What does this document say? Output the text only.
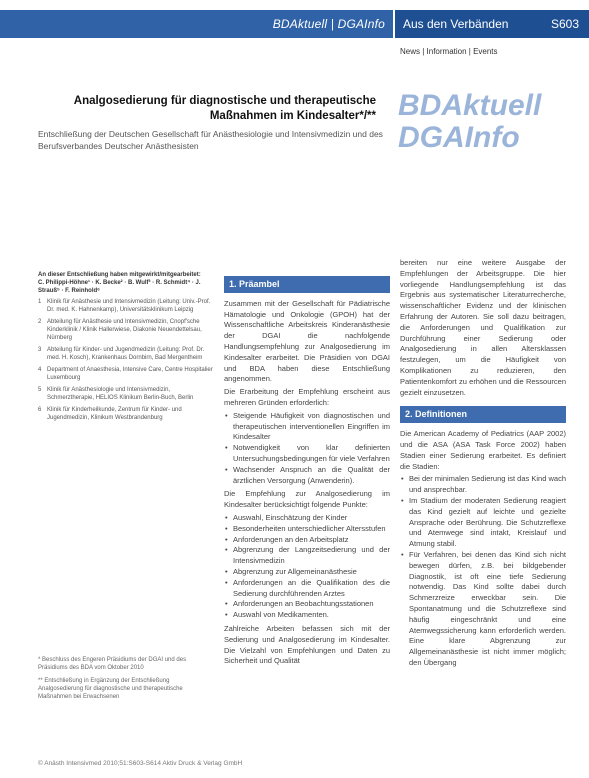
BDAktuell | DGAInfo Aus den Verbänden	S603
News | Information | Events
BDAktuell
DGAInfo
Analgosedierung für diagnostische und therapeutische Maßnahmen im Kindesalter*/**
Entschließung der Deutschen Gesellschaft für Anästhesiologie und Intensivmedizin und des Berufsverbandes Deutscher Anästhesisten
An dieser Entschließung haben mitgewirkt/mitgearbeitet:
C. Philippi-Höhne¹ · K. Becke² · B. Wulf³ · R. Schmidt⁴ · J. Strauß⁵ · F. Reinhold⁶
1 Klinik für Anästhesie und Intensivmedizin (Leitung: Univ.-Prof. Dr. med. K. Hahnenkamp), Universitätsklinikum Leipzig
2 Abteilung für Anästhesie und Intensivmedizin, Cnopf'sche Kinderklinik / Klinik Hallerwiese, Diakonie Neuendettelsau, Nürnberg
3 Abteilung für Kinder- und Jugendmedizin (Leitung: Prof. Dr. med. H. Kosch), Krankenhaus Dornbirn, Bad Mergentheim
4 Department of Anaesthesia, Intensive Care, Centre Hospitalier Luxembourg
5 Klinik für Anästhesiologie und Intensivmedizin, Schmerztherapie, HELIOS Klinikum Berlin-Buch, Berlin
6 Klinik für Kinderheilkunde, Zentrum für Kinder- und Jugendmedizin, Klinikum Westbrandenburg

* Beschluss des Engeren Präsidiums der DGAI und des Präsidiums des BDA vom Oktober 2010

** Entschließung in Ergänzung der Entschließung Analgosedierung für diagnostische und therapeutische Maßnahmen bei Erwachsenen

© Anästh Intensivmed 2010;51:S603-S614 Aktiv Druck & Verlag GmbH
1. Präambel

Zusammen mit der Gesellschaft für Pädiatrische Hämatologie und Onkologie (GPOH) hat der Wissenschaftliche Arbeitskreis Kinderanästhesie der DGAI die nachfolgende Handlungsempfehlung zur Analgosedierung im Kindesalter erarbeitet. Die Präsidien von DGAI und BDA haben diese Entschließung angenommen.

Die Erarbeitung der Empfehlung erscheint aus mehreren Gründen erforderlich:

• Steigende Häufigkeit von diagnostischen und therapeutischen interventionellen Eingriffen im Kindesalter
• Notwendigkeit von klar definierten Untersuchungsbedingungen für viele Verfahren
• Wachsender Anspruch an die Qualität der ärztlichen Versorgung (Anwenderin).

Die Empfehlung zur Analgosedierung im Kindesalter berücksichtigt folgende Punkte:

• Auswahl, Einschätzung der Kinder
• Besonderheiten unterschiedlicher Altersstufen
• Anforderungen an den Arbeitsplatz
• Abgrenzung der Langzeitsedierung und der Intensivmedizin
• Abgrenzung zur Allgemeinanästhesie
• Anforderungen an die Qualifikation des die Sedierung durchführenden Arztes
• Anforderungen an Beobachtungsstationen
• Auswahl von Medikamenten.

Zahlreiche Arbeiten befassen sich mit der Sedierung und Analgosedierung im Kindesalter. Die Vielzahl von Empfehlungen und Daten zu Sicherheit und Qualität

bereiten nur eine weitere Ausgabe der Empfehlungen der Arbeitsgruppe. Die hier vorliegende Handlungsempfehlung ist das Ergebnis aus systematischer Literaturrecherche, wissenschaftlicher Evidenz und der klinischen Erfahrung der Autoren. Sie soll dazu beitragen, die Anforderungen und Qualifikation zur Durchführung einer Sedierung oder Analgosedierung in allen Altersklassen festzulegen, um die Häufigkeit von Komplikationen zu reduzieren, den Patientenkomfort zu erhöhen und die Ressourcen gezielt einzusetzen.

2. Definitionen

Die American Academy of Pediatrics (AAP 2002) und die ASA (ASA Task Force 2002) haben Stadien einer Sedierung erarbeitet. Es definiert die Stadien:

• Bei der minimalen Sedierung ist das Kind wach und ansprechbar.
• Im Stadium der moderaten Sedierung reagiert das Kind gezielt auf leichte und gezielte Ansprache oder Berührung. Die Schutzreflexe und Atemwege sind intakt, Kreislauf und Atmung stabil.
• Für Verfahren, bei denen das Kind sich nicht bewegen dürfen, z.B. bei bildgebender Diagnostik, ist oft eine tiefe Sedierung notwendig. Das Kind sollte dabei durch Schmerzreize erweckbar sein. Die Spontanatmung und die Schutzreflexe sind häufig eingeschränkt und eine Atemwegssicherung kann erforderlich werden. Eine klare Abgrenzung zur Allgemeinanästhesie ist nicht immer möglich; den Übergang
